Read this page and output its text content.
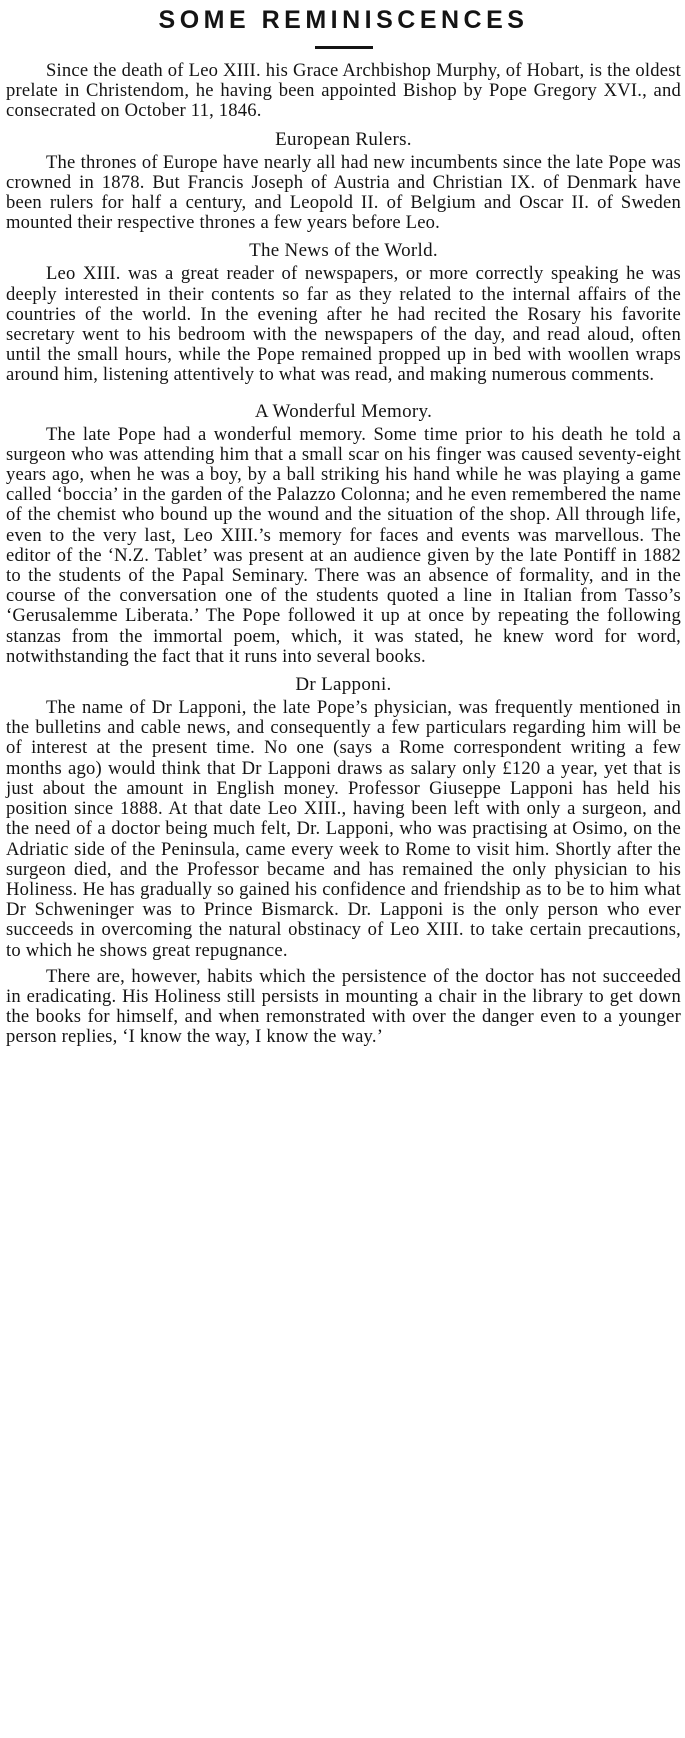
SOME REMINISCENCES

Since the death of Leo XIII. his Grace Archbishop Murphy, of Hobart, is the oldest prelate in Christendom, he having been appointed Bishop by Pope Gregory XVI., and consecrated on October 11, 1846.

European Rulers.

The thrones of Europe have nearly all had new incumbents since the late Pope was crowned in 1878. But Francis Joseph of Austria and Christian IX. of Denmark have been rulers for half a century, and Leopold II. of Belgium and Oscar II. of Sweden mounted their respective thrones a few years before Leo.

The News of the World.

Leo XIII. was a great reader of newspapers, or more correctly speaking he was deeply interested in their contents so far as they related to the internal affairs of the countries of the world. In the evening after he had recited the Rosary his favorite secretary went to his bedroom with the newspapers of the day, and read aloud, often until the small hours, while the Pope remained propped up in bed with woollen wraps around him, listening attentively to what was read, and making numerous comments.

A Wonderful Memory.

The late Pope had a wonderful memory. Some time prior to his death he told a surgeon who was attending him that a small scar on his finger was caused seventy-eight years ago, when he was a boy, by a ball striking his hand while he was playing a game called ‘boccia’ in the garden of the Palazzo Colonna; and he even remembered the name of the chemist who bound up the wound and the situation of the shop. All through life, even to the very last, Leo XIII.’s memory for faces and events was marvellous. The editor of the ‘N.Z. Tablet’ was present at an audience given by the late Pontiff in 1882 to the students of the Papal Seminary. There was an absence of formality, and in the course of the conversation one of the students quoted a line in Italian from Tasso’s ‘Gerusalemme Liberata.’ The Pope followed it up at once by repeating the following stanzas from the immortal poem, which, it was stated, he knew word for word, notwithstanding the fact that it runs into several books.

Dr Lapponi.

The name of Dr Lapponi, the late Pope’s physician, was frequently mentioned in the bulletins and cable news, and consequently a few particulars regarding him will be of interest at the present time. No one (says a Rome correspondent writing a few months ago) would think that Dr Lapponi draws as salary only £120 a year, yet that is just about the amount in English money. Professor Giuseppe Lapponi has held his position since 1888. At that date Leo XIII., having been left with only a surgeon, and the need of a doctor being much felt, Dr. Lapponi, who was practising at Osimo, on the Adriatic side of the Peninsula, came every week to Rome to visit him. Shortly after the surgeon died, and the Professor became and has remained the only physician to his Holiness. He has gradually so gained his confidence and friendship as to be to him what Dr Schweninger was to Prince Bismarck. Dr. Lapponi is the only person who ever succeeds in overcoming the natural obstinacy of Leo XIII. to take certain precautions, to which he shows great repugnance.

There are, however, habits which the persistence of the doctor has not succeeded in eradicating. His Holiness still persists in mounting a chair in the library to get down the books for himself, and when remonstrated with over the danger even to a younger person replies, ‘I know the way, I know the way.’
